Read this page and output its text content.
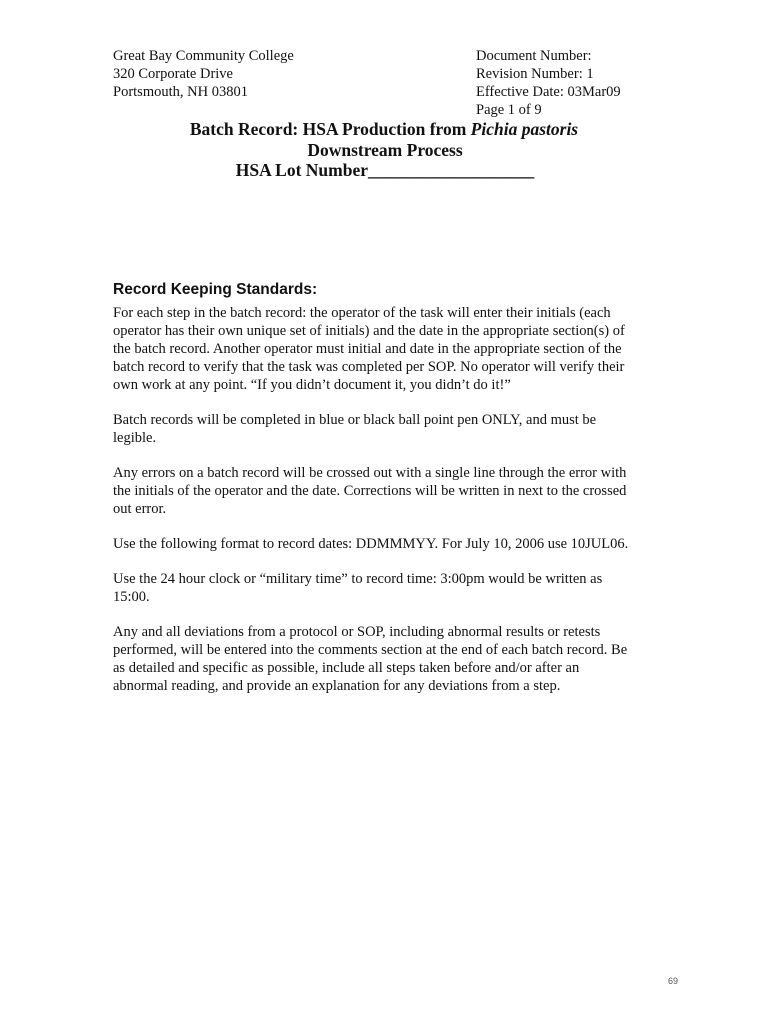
Great Bay Community College
320 Corporate Drive
Portsmouth, NH 03801
Document Number:
Revision Number: 1
Effective Date: 03Mar09
Page 1 of 9
Batch Record: HSA Production from Pichia pastoris
Downstream Process
HSA Lot Number___________________
Record Keeping Standards:

For each step in the batch record: the operator of the task will enter their initials (each
operator has their own unique set of initials) and the date in the appropriate section(s) of
the batch record. Another operator must initial and date in the appropriate section of the
batch record to verify that the task was completed per SOP. No operator will verify their
own work at any point. “If you didn’t document it, you didn’t do it!”

Batch records will be completed in blue or black ball point pen ONLY, and must be
legible.

Any errors on a batch record will be crossed out with a single line through the error with
the initials of the operator and the date. Corrections will be written in next to the crossed
out error.

Use the following format to record dates: DDMMMYY. For July 10, 2006 use 10JUL06.

Use the 24 hour clock or “military time” to record time: 3:00pm would be written as
15:00.

Any and all deviations from a protocol or SOP, including abnormal results or retests
performed, will be entered into the comments section at the end of each batch record. Be
as detailed and specific as possible, include all steps taken before and/or after an
abnormal reading, and provide an explanation for any deviations from a step.

69
